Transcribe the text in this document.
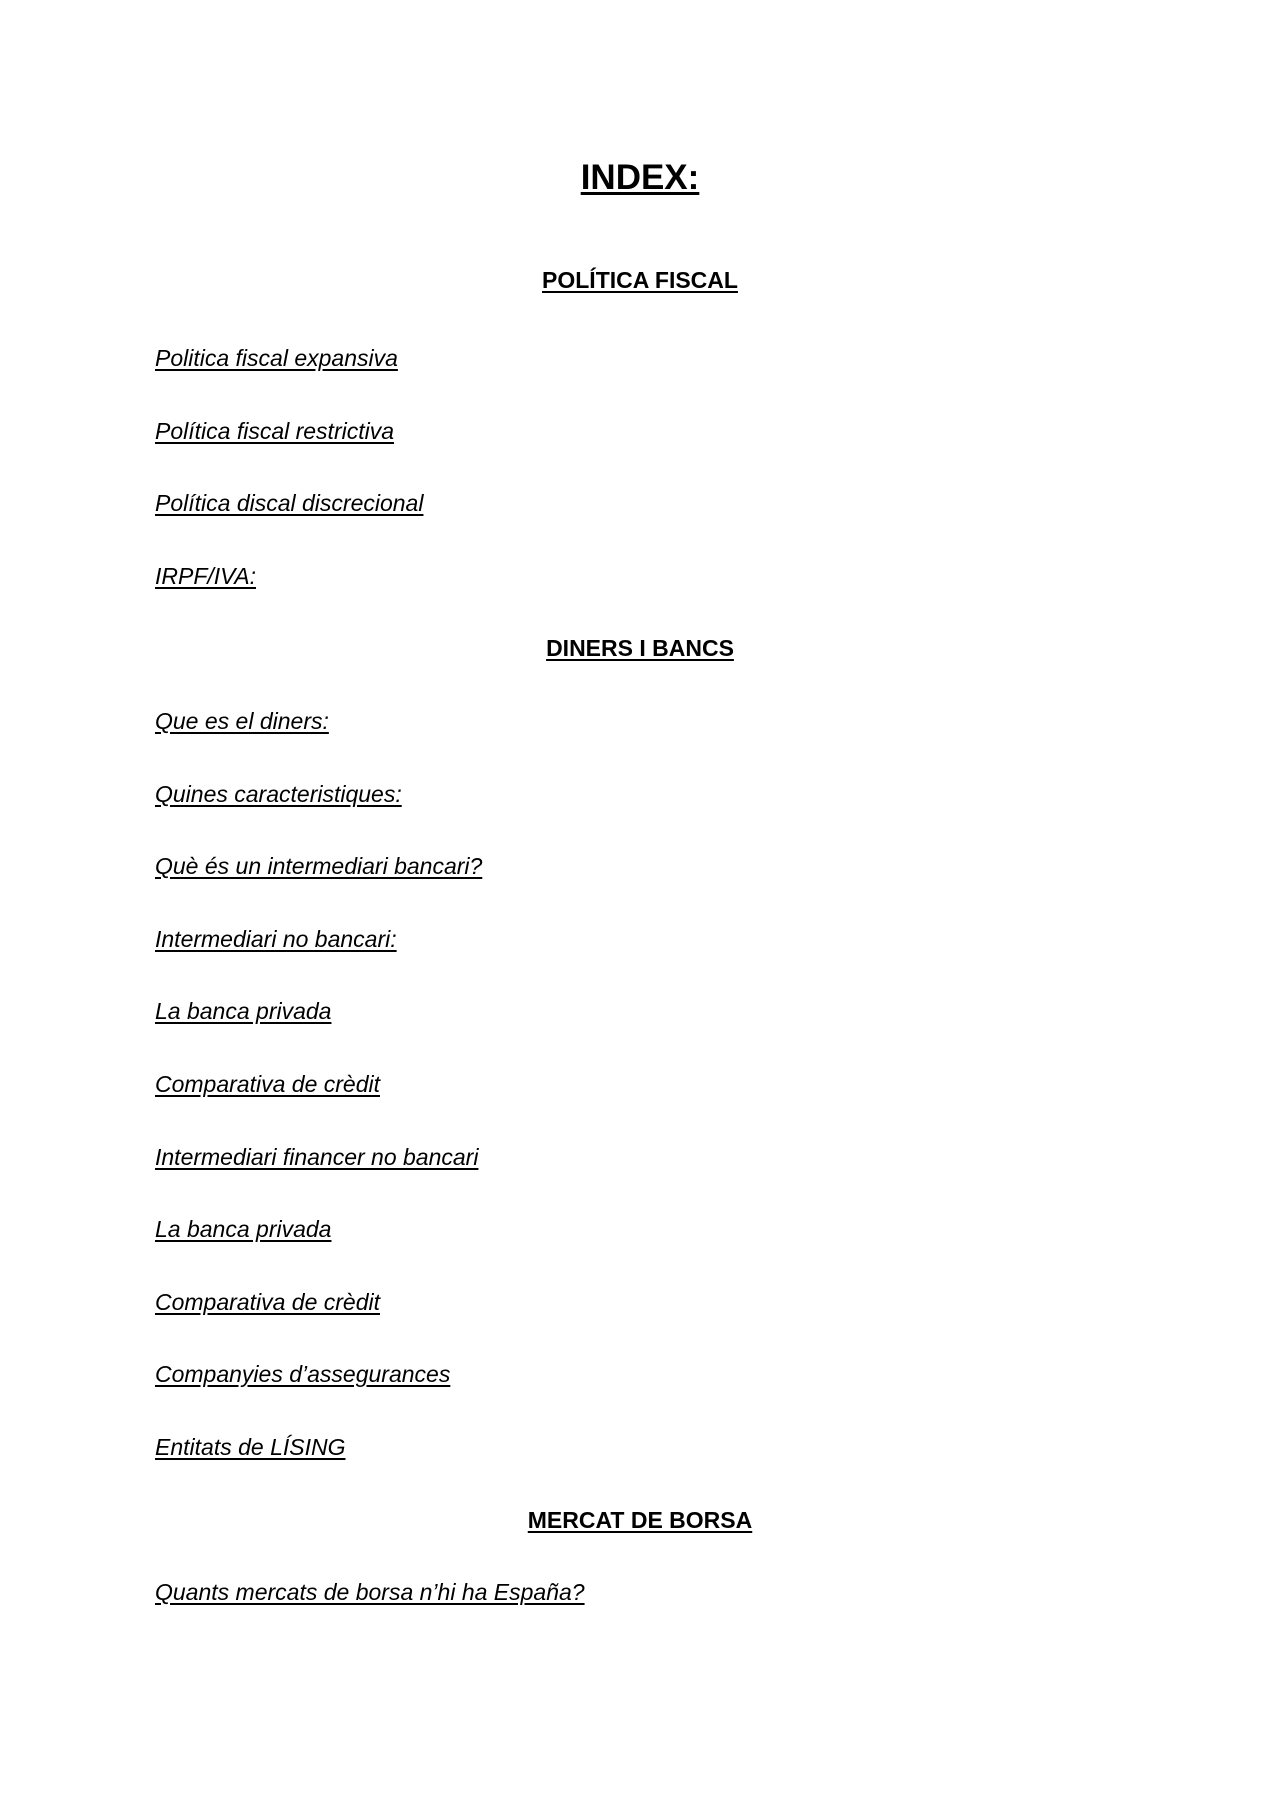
INDEX:
POLÍTICA FISCAL
Politica fiscal expansiva
Política fiscal restrictiva
Política discal discrecional
IRPF/IVA:
DINERS I BANCS
Que es el diners:
Quines caracteristiques:
Què és un intermediari bancari?
Intermediari no bancari:
La banca privada
Comparativa de crèdit
Intermediari financer no bancari
La banca privada
Comparativa de crèdit
Companyies d’assegurances
Entitats de LÍSING
MERCAT DE BORSA
Quants mercats de borsa n’hi ha España?
